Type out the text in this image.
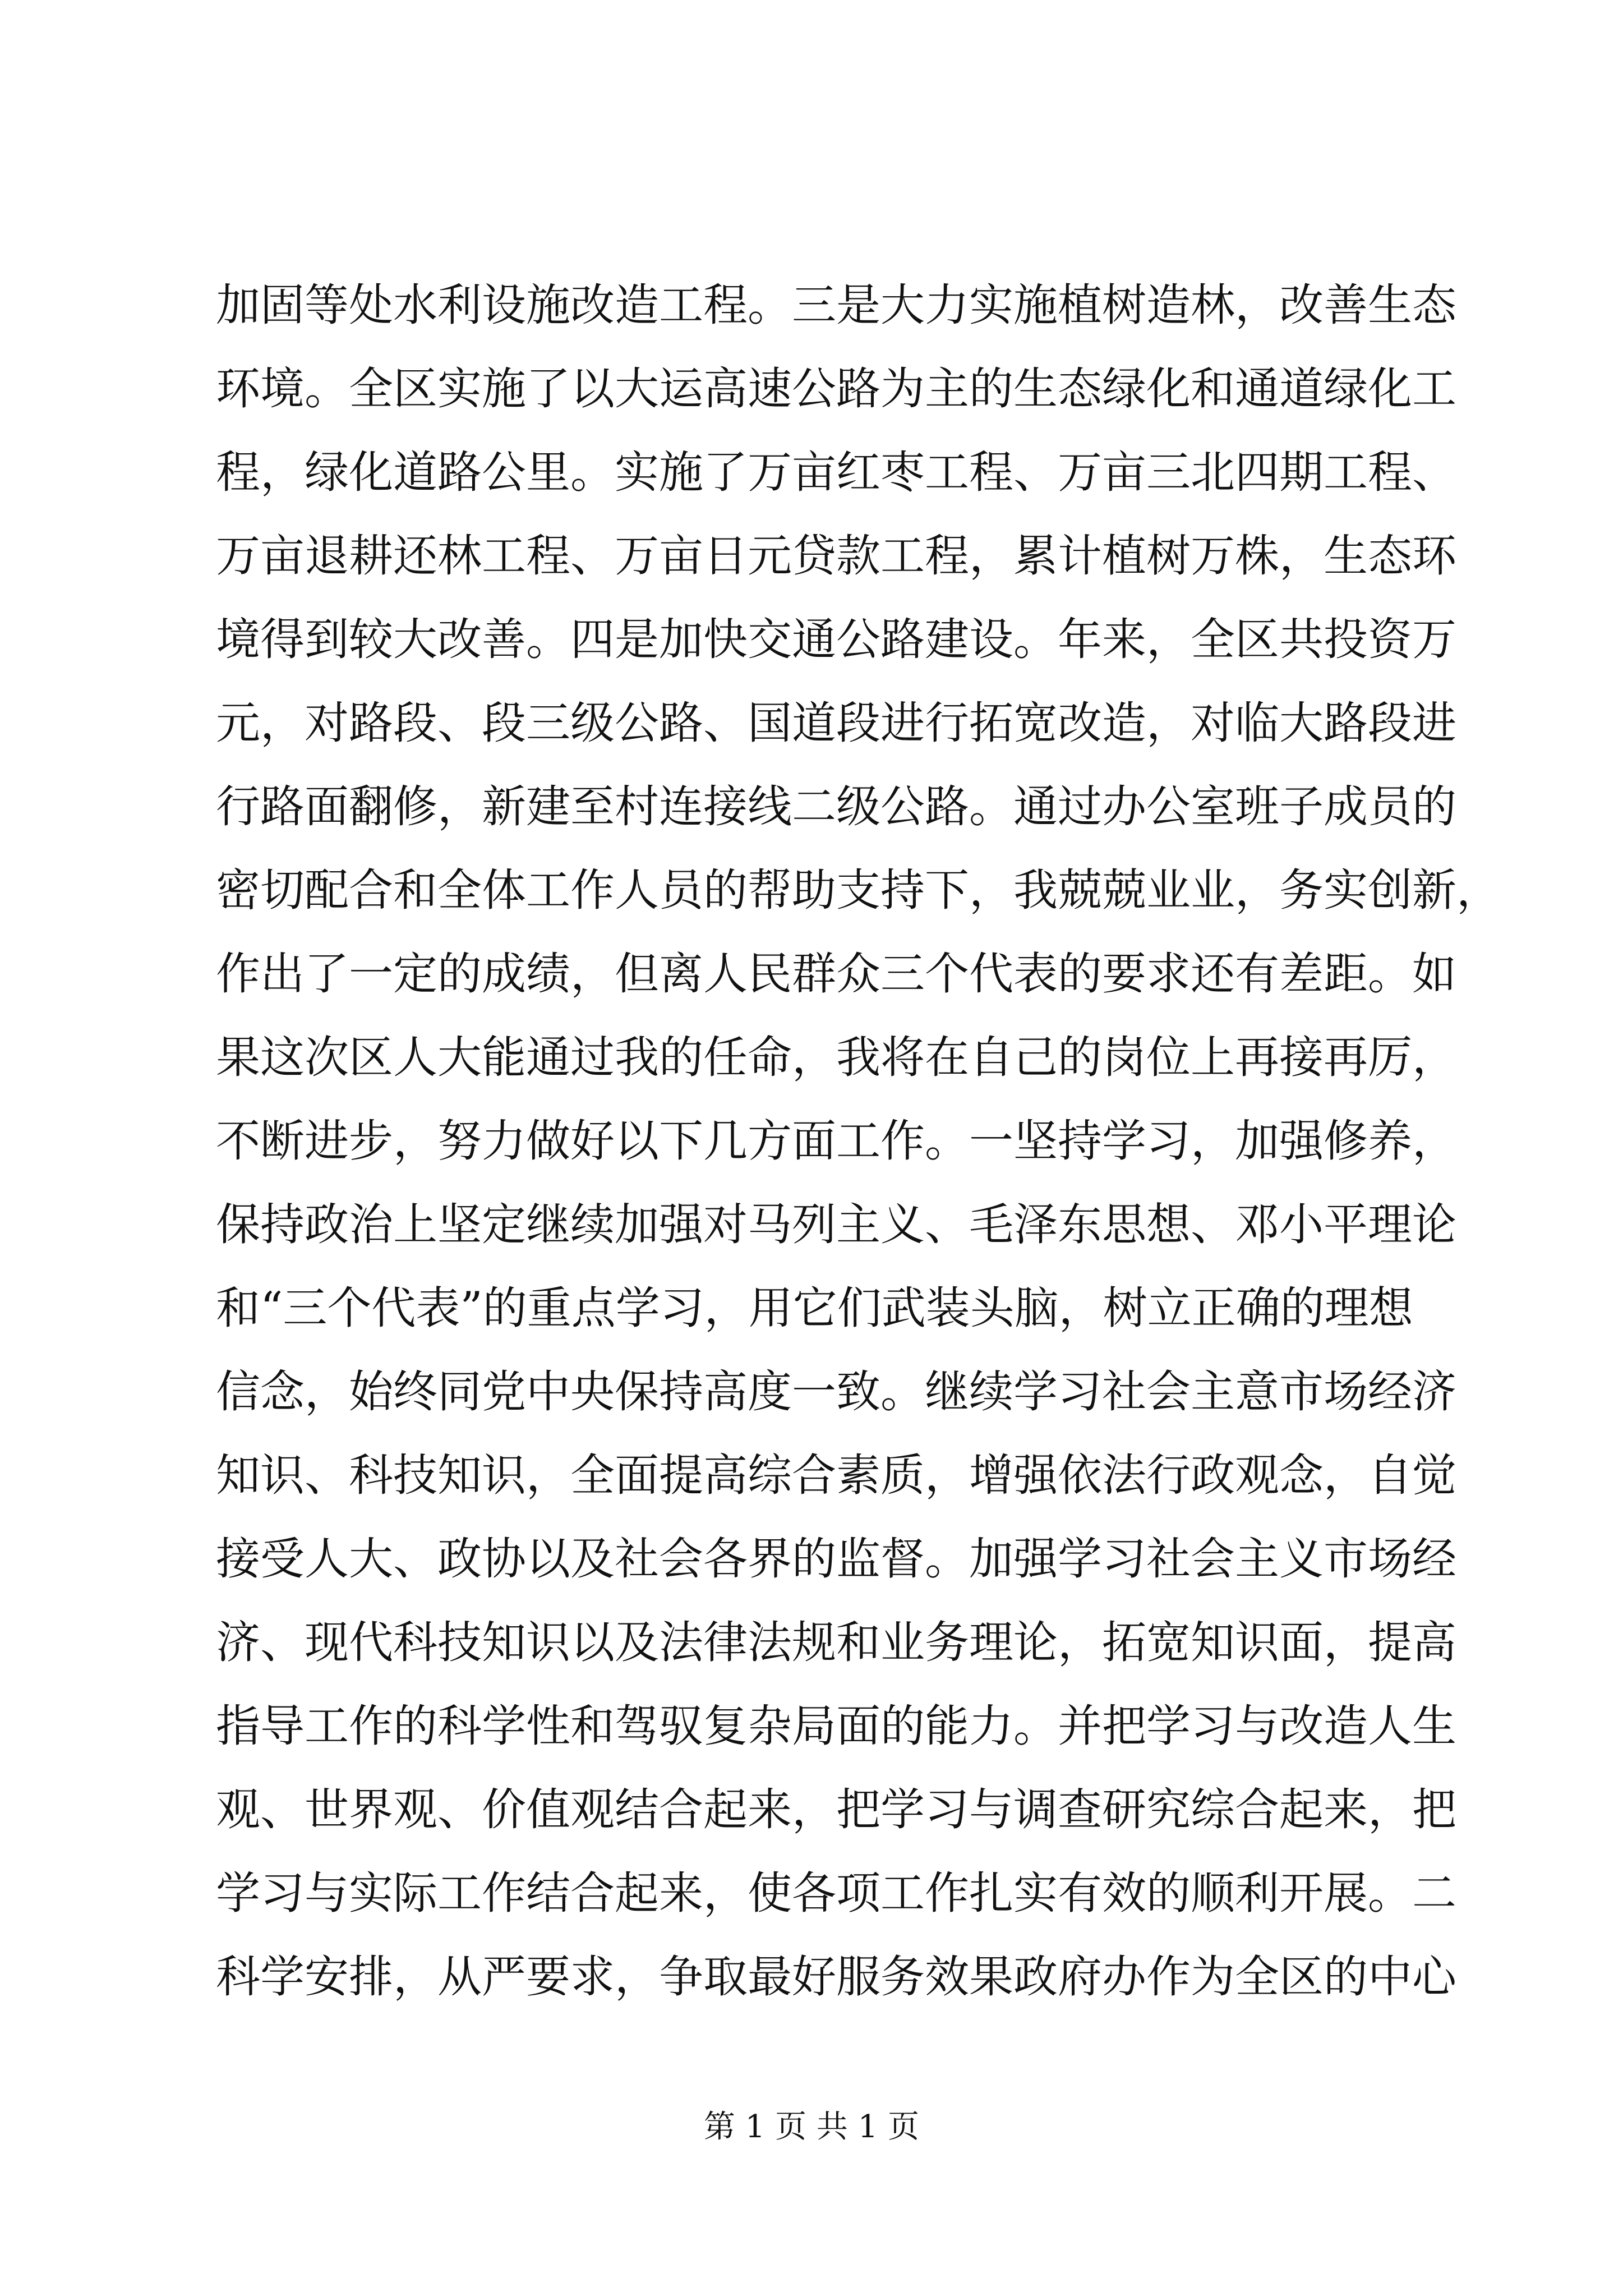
加固等处水利设施改造工程。三是大力实施植树造林，改善生态
环境。全区实施了以大运高速公路为主的生态绿化和通道绿化工
程，绿化道路公里。实施了万亩红枣工程、万亩三北四期工程、
万亩退耕还林工程、万亩日元贷款工程，累计植树万株，生态环
境得到较大改善。四是加快交通公路建设。年来，全区共投资万
元，对路段、段三级公路、国道段进行拓宽改造，对临大路段进
行路面翻修，新建至村连接线二级公路。通过办公室班子成员的
密切配合和全体工作人员的帮助支持下，我兢兢业业，务实创新，
作出了一定的成绩，但离人民群众三个代表的要求还有差距。如
果这次区人大能通过我的任命，我将在自己的岗位上再接再厉，
不断进步，努力做好以下几方面工作。一坚持学习，加强修养，
保持政治上坚定继续加强对马列主义、毛泽东思想、邓小平理论
和“三个代表”的重点学习，用它们武装头脑，树立正确的理想
信念，始终同党中央保持高度一致。继续学习社会主意市场经济
知识、科技知识，全面提高综合素质，增强依法行政观念，自觉
接受人大、政协以及社会各界的监督。加强学习社会主义市场经
济、现代科技知识以及法律法规和业务理论，拓宽知识面，提高
指导工作的科学性和驾驭复杂局面的能力。并把学习与改造人生
观、世界观、价值观结合起来，把学习与调查研究综合起来，把
学习与实际工作结合起来，使各项工作扎实有效的顺利开展。二
科学安排，从严要求，争取最好服务效果政府办作为全区的中心
第 1 页 共 1 页
